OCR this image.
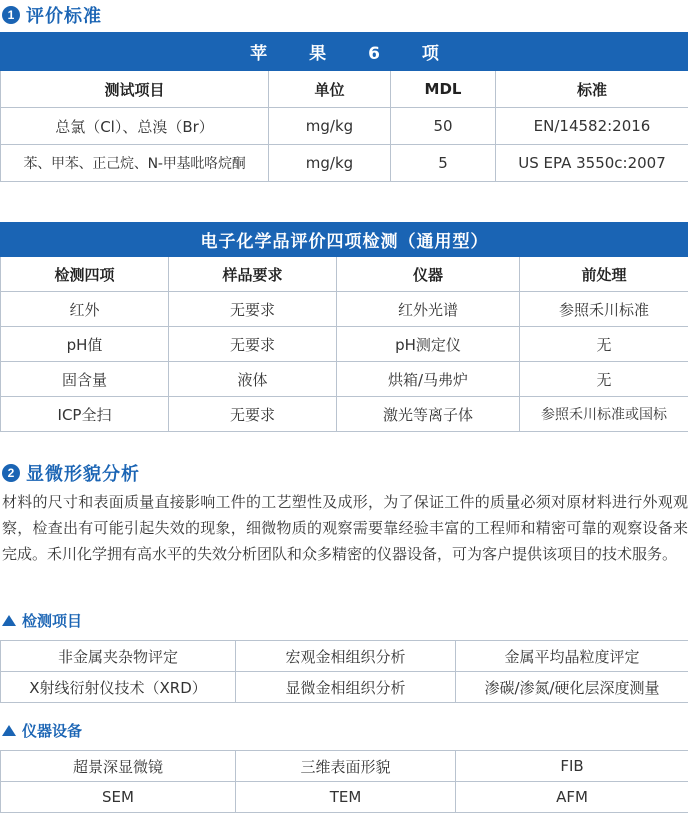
1 评价标准
苹果6项			
测试项目	单位	MDL	标准
总氯（Cl）、总溴（Br）	mg/kg	50	EN/14582:2016
苯、甲苯、正己烷、N-甲基吡咯烷酮	mg/kg	5	US EPA 3550c:2007
电子化学品评价四项检测（通用型）			
检测四项	样品要求	仪器	前处理
红外	无要求	红外光谱	参照禾川标准
pH值	无要求	pH测定仪	无
固含量	液体	烘箱/马弗炉	无
ICP全扫	无要求	激光等离子体	参照禾川标准或国标
2 显微形貌分析

材料的尺寸和表面质量直接影响工件的工艺塑性及成形，为了保证工件的质量必须对原材料进行外观观察，检查出有可能引起失效的现象，细微物质的观察需要靠经验丰富的工程师和精密可靠的观察设备来完成。禾川化学拥有高水平的失效分析团队和众多精密的仪器设备，可为客户提供该项目的技术服务。

检测项目
非金属夹杂物评定	宏观金相组织分析	金属平均晶粒度评定
X射线衍射仪技术（XRD）	显微金相组织分析	渗碳/渗氮/硬化层深度测量
仪器设备
超景深显微镜	三维表面形貌	FIB
SEM	TEM	AFM
